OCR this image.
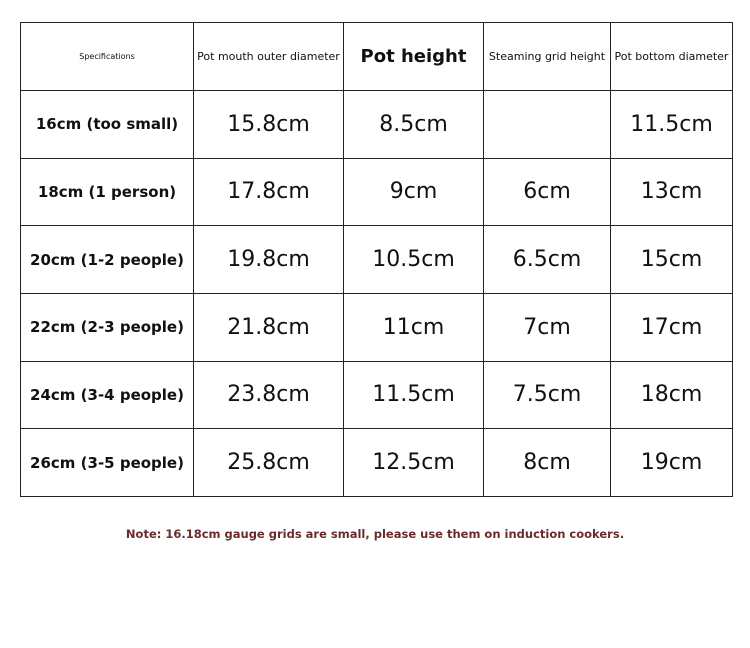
Specifications	Pot mouth outer diameter	Pot height	Steaming grid height	Pot bottom diameter
16cm (too small)	15.8cm	8.5cm		11.5cm
18cm (1 person)	17.8cm	9cm	6cm	13cm
20cm (1-2 people)	19.8cm	10.5cm	6.5cm	15cm
22cm (2-3 people)	21.8cm	11cm	7cm	17cm
24cm (3-4 people)	23.8cm	11.5cm	7.5cm	18cm
26cm (3-5 people)	25.8cm	12.5cm	8cm	19cm
Note: 16.18cm gauge grids are small, please use them on induction cookers.
